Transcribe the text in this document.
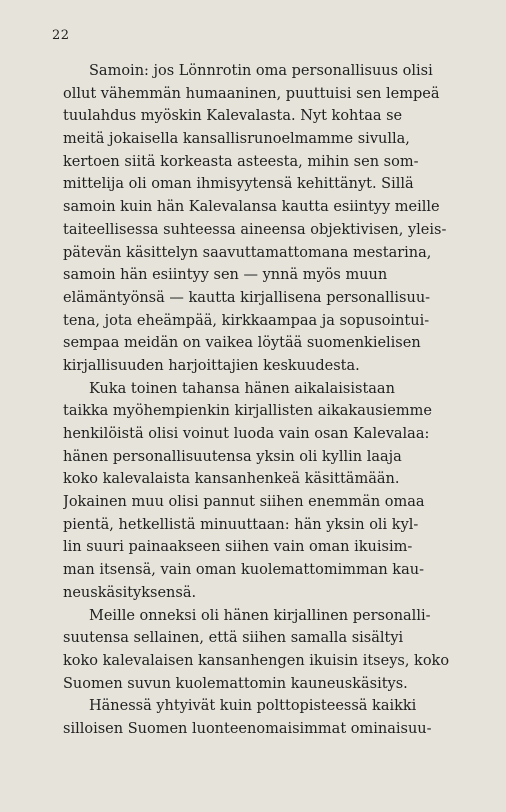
22
Samoin: jos Lönnrotin oma personallisuus olisi
ollut vähemmän humaaninen, puuttuisi sen lempeä
tuulahdus myöskin Kalevalasta. Nyt kohtaa se
meitä jokaisella kansallisrunoelmamme sivulla,
kertoen siitä korkeasta asteesta, mihin sen som-
mittelija oli oman ihmisyytensä kehittänyt. Sillä
samoin kuin hän Kalevalansa kautta esiintyy meille
taiteellisessa suhteessa aineensa objektivisen, yleis-
pätevän käsittelyn saavuttamattomana mestarina,
samoin hän esiintyy sen — ynnä myös muun
elämäntyönsä — kautta kirjallisena personallisuu-
tena, jota eheämpää, kirkkaampaa ja sopusointui-
sempaa meidän on vaikea löytää suomenkielisen
kirjallisuuden harjoittajien keskuudesta.
Kuka toinen tahansa hänen aikalaisistaan
taikka myöhempienkin kirjallisten aikakausiemme
henkilöistä olisi voinut luoda vain osan Kalevalaa:
hänen personallisuutensa yksin oli kyllin laaja
koko kalevalaista kansanhenkeä käsittämään.
Jokainen muu olisi pannut siihen enemmän omaa
pientä, hetkellistä minuuttaan: hän yksin oli kyl-
lin suuri painaakseen siihen vain oman ikuisim-
man itsensä, vain oman kuolemattomimman kau-
neuskäsityksensä.
Meille onneksi oli hänen kirjallinen personalli-
suutensa sellainen, että siihen samalla sisältyi
koko kalevalaisen kansanhengen ikuisin itseys, koko
Suomen suvun kuolemattomin kauneuskäsitys.
Hänessä yhtyivät kuin polttopisteessä kaikki
silloisen Suomen luonteenomaisimmat ominaisuu-
